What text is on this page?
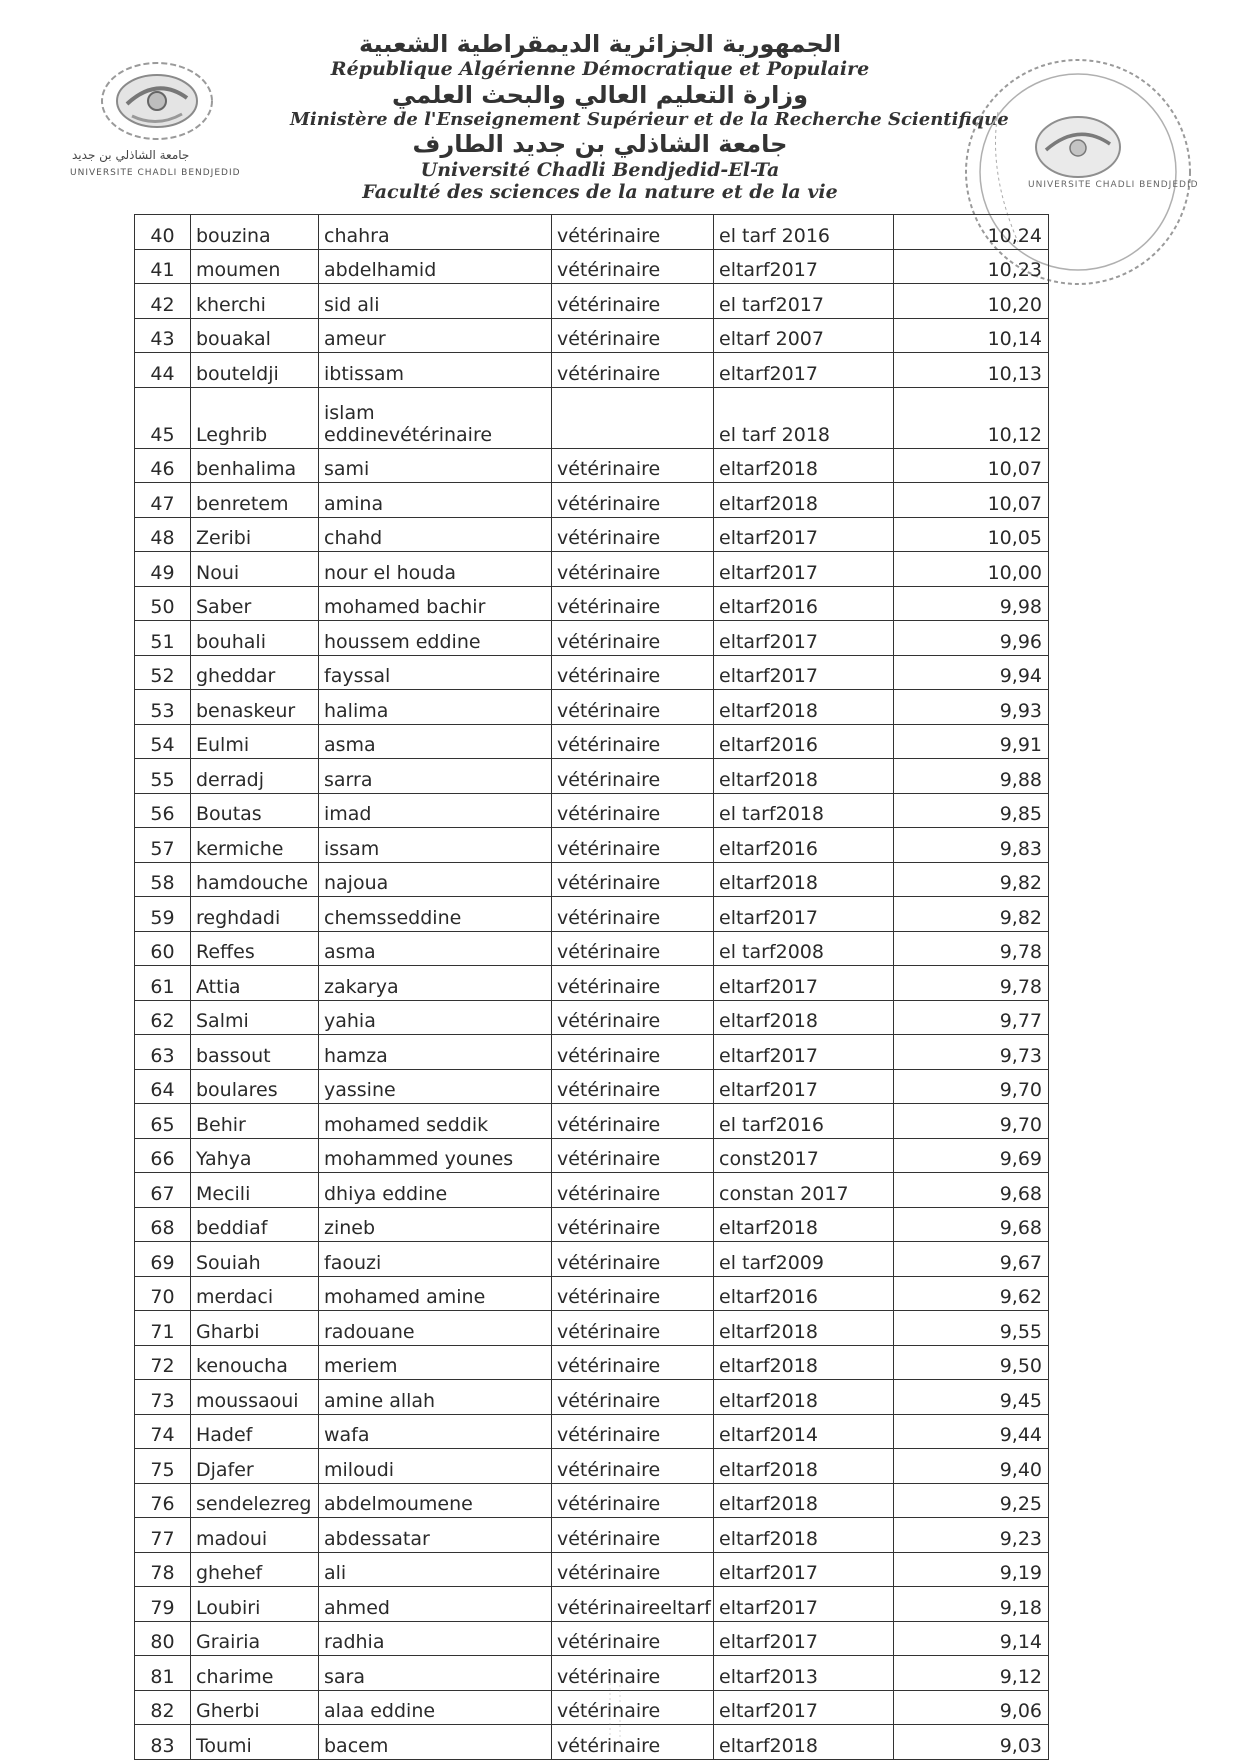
جامعة الشاذلي بن جديد
UNIVERSITE CHADLI BENDJEDID
الجمهورية الجزائرية الديمقراطية الشعبية
République Algérienne Démocratique et Populaire
وزارة التعليم العالي والبحث العلمي
Ministère de l'Enseignement Supérieur et de la Recherche Scientifique
جامعة الشاذلي بن جديد الطارف
Université Chadli Bendjedid-El-Ta
Faculté des sciences de la nature et de la vie	UNIVERSITE CHADLI BENDJEDID
40	bouzina	chahra	vétérinaire	el tarf 2016	10,24
41	moumen	abdelhamid	vétérinaire	eltarf2017	10,23
42	kherchi	sid ali	vétérinaire	el tarf2017	10,20
43	bouakal	ameur	vétérinaire	eltarf 2007	10,14
44	bouteldji	ibtissam	vétérinaire	eltarf2017	10,13
45	Leghrib	islam eddinevétérinaire		el tarf 2018	10,12
46	benhalima	sami	vétérinaire	eltarf2018	10,07
47	benretem	amina	vétérinaire	eltarf2018	10,07
48	Zeribi	chahd	vétérinaire	eltarf2017	10,05
49	Noui	nour el houda	vétérinaire	eltarf2017	10,00
50	Saber	mohamed bachir	vétérinaire	eltarf2016	9,98
51	bouhali	houssem eddine	vétérinaire	eltarf2017	9,96
52	gheddar	fayssal	vétérinaire	eltarf2017	9,94
53	benaskeur	halima	vétérinaire	eltarf2018	9,93
54	Eulmi	asma	vétérinaire	eltarf2016	9,91
55	derradj	sarra	vétérinaire	eltarf2018	9,88
56	Boutas	imad	vétérinaire	el tarf2018	9,85
57	kermiche	issam	vétérinaire	eltarf2016	9,83
58	hamdouche	najoua	vétérinaire	eltarf2018	9,82
59	reghdadi	chemsseddine	vétérinaire	eltarf2017	9,82
60	Reffes	asma	vétérinaire	el tarf2008	9,78
61	Attia	zakarya	vétérinaire	eltarf2017	9,78
62	Salmi	yahia	vétérinaire	eltarf2018	9,77
63	bassout	hamza	vétérinaire	eltarf2017	9,73
64	boulares	yassine	vétérinaire	eltarf2017	9,70
65	Behir	mohamed seddik	vétérinaire	el tarf2016	9,70
66	Yahya	mohammed younes	vétérinaire	const2017	9,69
67	Mecili	dhiya eddine	vétérinaire	constan 2017	9,68
68	beddiaf	zineb	vétérinaire	eltarf2018	9,68
69	Souiah	faouzi	vétérinaire	el tarf2009	9,67
70	merdaci	mohamed amine	vétérinaire	eltarf2016	9,62
71	Gharbi	radouane	vétérinaire	eltarf2018	9,55
72	kenoucha	meriem	vétérinaire	eltarf2018	9,50
73	moussaoui	amine allah	vétérinaire	eltarf2018	9,45
74	Hadef	wafa	vétérinaire	eltarf2014	9,44
75	Djafer	miloudi	vétérinaire	eltarf2018	9,40
76	sendelezreg	abdelmoumene	vétérinaire	eltarf2018	9,25
77	madoui	abdessatar	vétérinaire	eltarf2018	9,23
78	ghehef	ali	vétérinaire	eltarf2017	9,19
79	Loubiri	ahmed	vétérinaireeltarf	eltarf2017	9,18
80	Grairia	radhia	vétérinaire	eltarf2017	9,14
81	charime	sara	vétérinaire	eltarf2013	9,12
82	Gherbi	alaa eddine	vétérinaire	eltarf2017	9,06
83	Toumi	bacem	vétérinaire	eltarf2018	9,03
